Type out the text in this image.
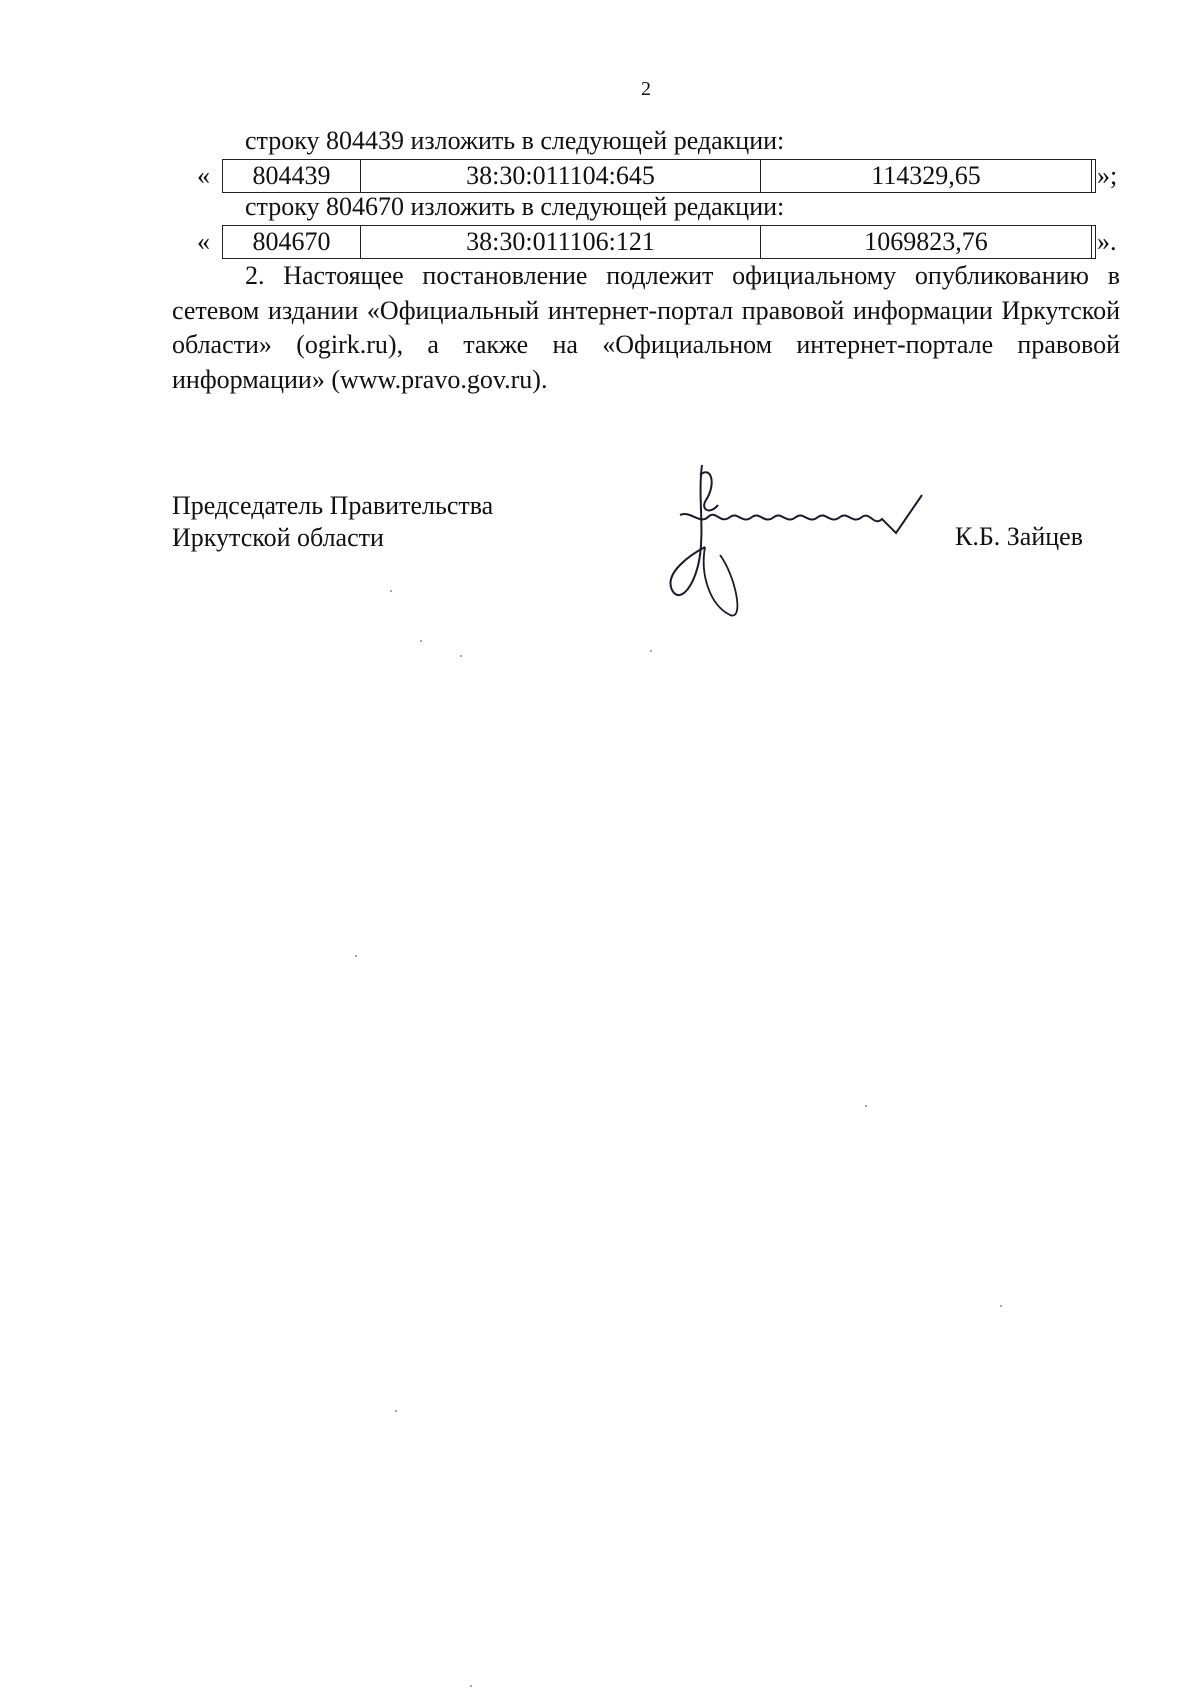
2
строку 804439 изложить в следующей редакции:
«	804439	38:30:011104:645	114329,65	»;
строку 804670 изложить в следующей редакции:
«	804670	38:30:011106:121	1069823,76	».
2. Настоящее постановление подлежит официальному опубликованию в сетевом издании «Официальный интернет-портал правовой информации Иркутской области» (ogirk.ru), а также на «Официальном интернет-портале правовой информации» (www.pravo.gov.ru).
Председатель Правительства
Иркутской области	К.Б. Зайцев
